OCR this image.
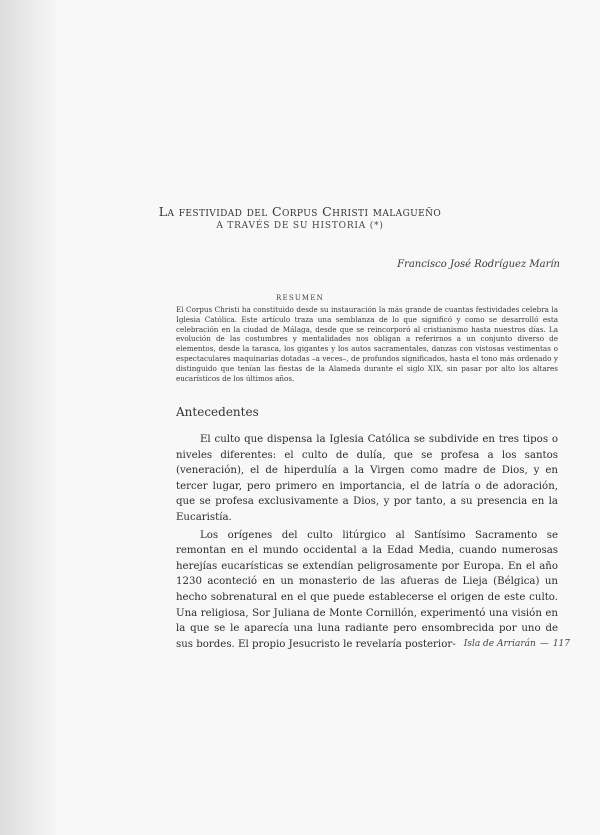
La festividad del Corpus Christi malagueño
A TRAVÉS DE SU HISTORIA (*)
Francisco José Rodríguez Marín
RESUMEN
El Corpus Christi ha constituido desde su instauración la más grande de cuantas festividades celebra la Iglesia Católica. Este artículo traza una semblanza de lo que significó y como se desarrolló esta celebración en la ciudad de Málaga, desde que se reincorporó al cristianismo hasta nuestros días. La evolución de las costumbres y mentalidades nos obligan a referirnos a un conjunto diverso de elementos, desde la tarasca, los gigantes y los autos sacramentales, danzas con vistosas vestimentas o espectaculares maquinarias dotadas –a veces–, de profundos significados, hasta el tono más ordenado y distinguido que tenían las fiestas de la Alameda durante el siglo XIX, sin pasar por alto los altares eucarísticos de los últimos años.
Antecedentes

El culto que dispensa la Iglesia Católica se subdivide en tres tipos o niveles diferentes: el culto de dulía, que se profesa a los santos (veneración), el de hiperdulía a la Virgen como madre de Dios, y en tercer lugar, pero primero en importancia, el de latría o de adoración, que se profesa exclusivamente a Dios, y por tanto, a su presencia en la Eucaristía.

Los orígenes del culto litúrgico al Santísimo Sacramento se remontan en el mundo occidental a la Edad Media, cuando numerosas herejías eucarísticas se extendían peligrosamente por Europa. En el año 1230 aconteció en un monasterio de las afueras de Lieja (Bélgica) un hecho sobrenatural en el que puede establecerse el origen de este culto. Una religiosa, Sor Juliana de Monte Cornillón, experimentó una visión en la que se le aparecía una luna radiante pero ensombrecida por uno de sus bordes. El propio Jesucristo le revelaría posterior- Isla de Arriarán — 117
